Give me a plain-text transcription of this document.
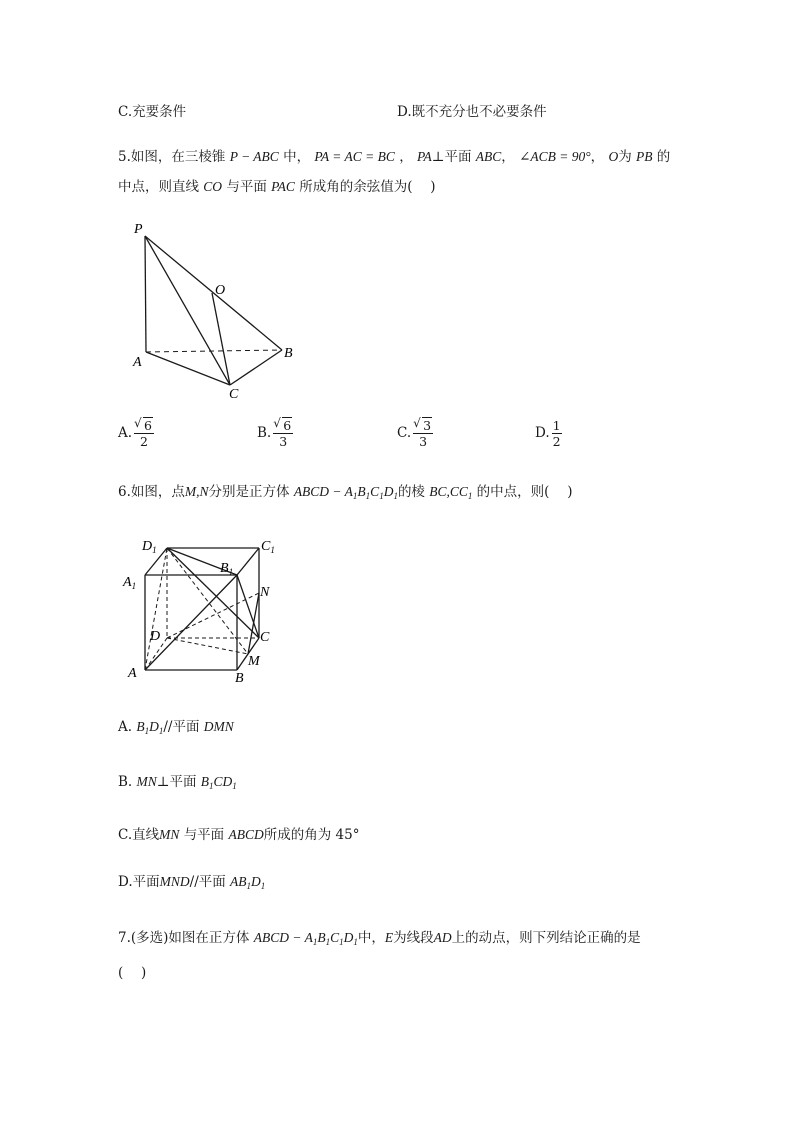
C.充要条件	D.既不充分也不必要条件
5.如图，在三棱锥 P − ABC 中， PA = AC = BC ， PA⊥平面 ABC， ∠ACB = 90°， O为 PB 的
中点，则直线 CO 与平面 PAC 所成角的余弦值为(　 )
P
O
A
B
C
A. √ $\frac{6}{2}$	B. √ $\frac{6}{3}$	C. √ $\frac{3}{3}$	D. $\frac{1}{2}$
6.如图，点M,N分别是正方体 ABCD − $A_1B_1C_1D_1$的棱 $BC,CC_1$ 的中点，则(　 )
$D_1$	$C_1$
$A_1$
$B_1$
N
D	C
M
A	B
A. $B_1D_1//$平面 DMN
B. MN⊥平面 $B_1CD_1$
C.直线MN 与平面 ABCD所成的角为 45°
D.平面MND//平面 $AB_1D_1$
7.(多选)如图在正方体 ABCD − $A_1B_1C_1D_1$中，E为线段AD上的动点，则下列结论正确的是
(　 )
